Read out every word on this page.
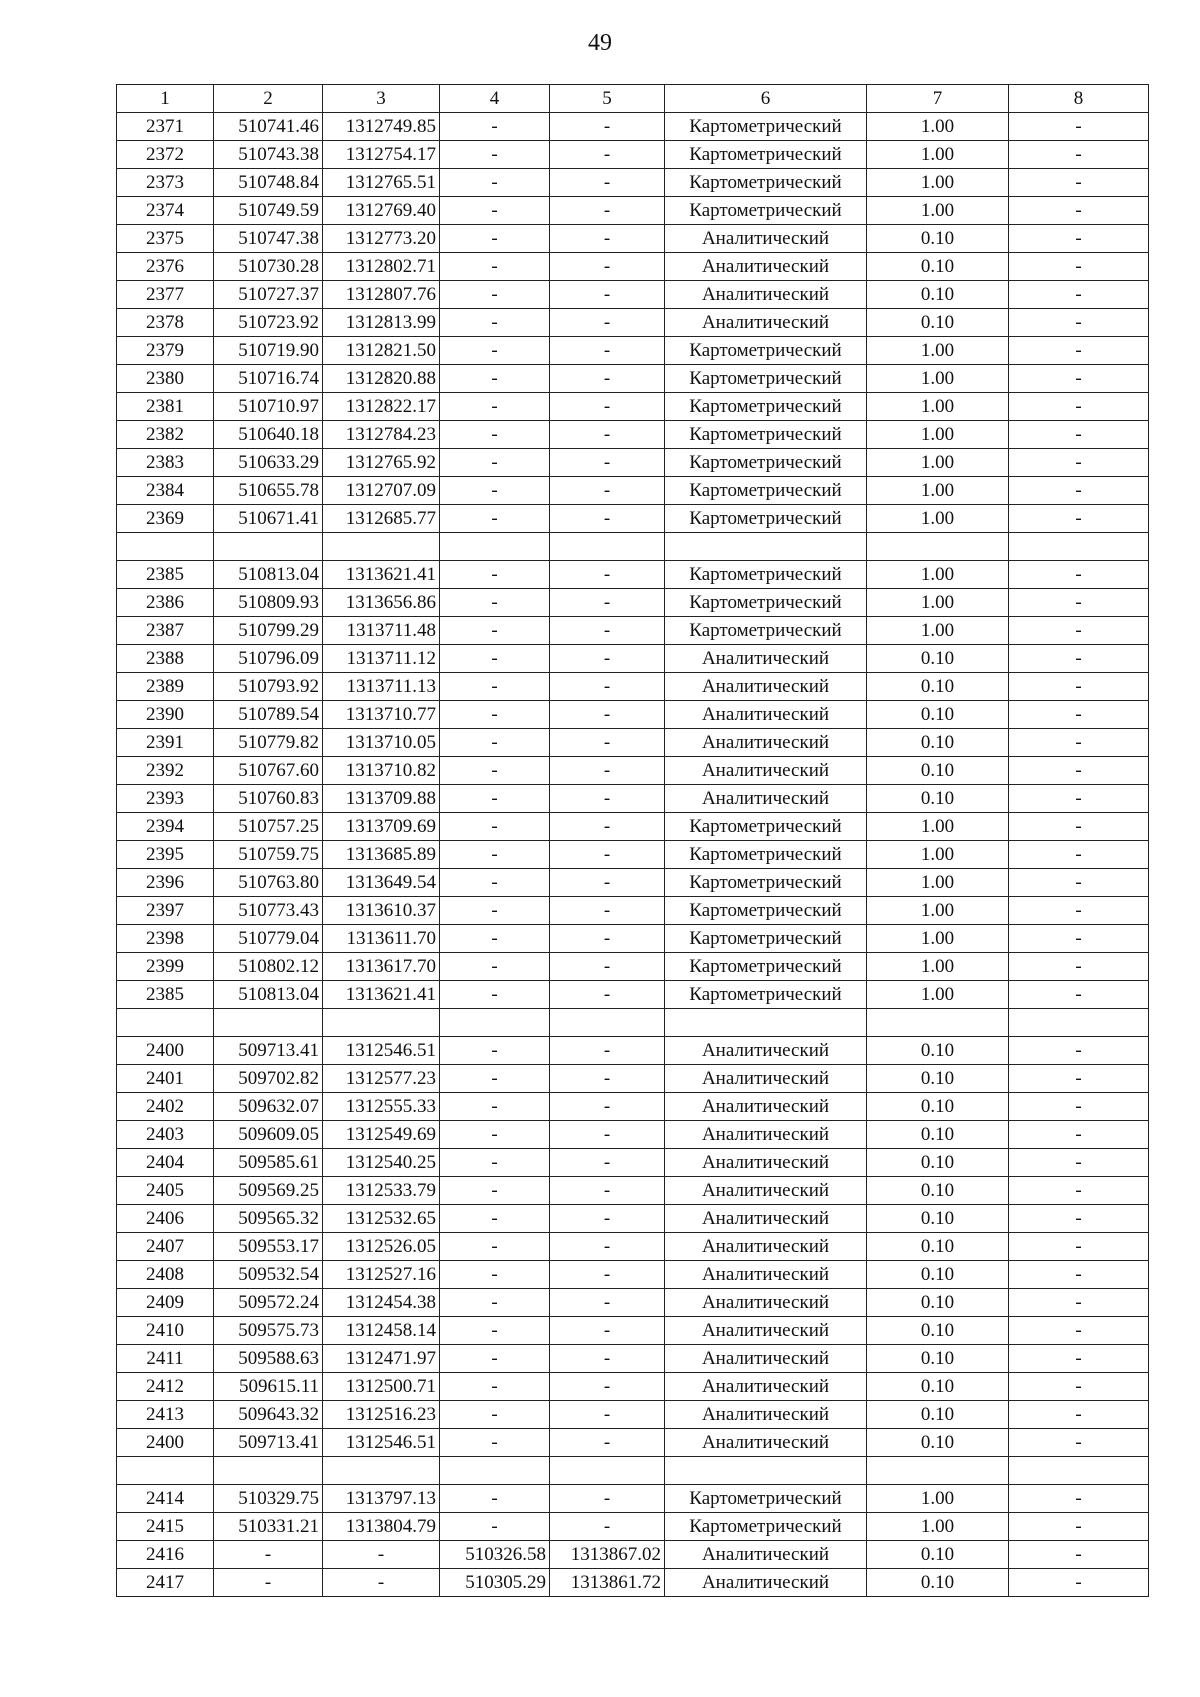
49
1	2	3	4	5	6	7	8
2371	510741.46	1312749.85	-	-	Картометрический	1.00	-
2372	510743.38	1312754.17	-	-	Картометрический	1.00	-
2373	510748.84	1312765.51	-	-	Картометрический	1.00	-
2374	510749.59	1312769.40	-	-	Картометрический	1.00	-
2375	510747.38	1312773.20	-	-	Аналитический	0.10	-
2376	510730.28	1312802.71	-	-	Аналитический	0.10	-
2377	510727.37	1312807.76	-	-	Аналитический	0.10	-
2378	510723.92	1312813.99	-	-	Аналитический	0.10	-
2379	510719.90	1312821.50	-	-	Картометрический	1.00	-
2380	510716.74	1312820.88	-	-	Картометрический	1.00	-
2381	510710.97	1312822.17	-	-	Картометрический	1.00	-
2382	510640.18	1312784.23	-	-	Картометрический	1.00	-
2383	510633.29	1312765.92	-	-	Картометрический	1.00	-
2384	510655.78	1312707.09	-	-	Картометрический	1.00	-
2369	510671.41	1312685.77	-	-	Картометрический	1.00	-

2385	510813.04	1313621.41	-	-	Картометрический	1.00	-
2386	510809.93	1313656.86	-	-	Картометрический	1.00	-
2387	510799.29	1313711.48	-	-	Картометрический	1.00	-
2388	510796.09	1313711.12	-	-	Аналитический	0.10	-
2389	510793.92	1313711.13	-	-	Аналитический	0.10	-
2390	510789.54	1313710.77	-	-	Аналитический	0.10	-
2391	510779.82	1313710.05	-	-	Аналитический	0.10	-
2392	510767.60	1313710.82	-	-	Аналитический	0.10	-
2393	510760.83	1313709.88	-	-	Аналитический	0.10	-
2394	510757.25	1313709.69	-	-	Картометрический	1.00	-
2395	510759.75	1313685.89	-	-	Картометрический	1.00	-
2396	510763.80	1313649.54	-	-	Картометрический	1.00	-
2397	510773.43	1313610.37	-	-	Картометрический	1.00	-
2398	510779.04	1313611.70	-	-	Картометрический	1.00	-
2399	510802.12	1313617.70	-	-	Картометрический	1.00	-
2385	510813.04	1313621.41	-	-	Картометрический	1.00	-

2400	509713.41	1312546.51	-	-	Аналитический	0.10	-
2401	509702.82	1312577.23	-	-	Аналитический	0.10	-
2402	509632.07	1312555.33	-	-	Аналитический	0.10	-
2403	509609.05	1312549.69	-	-	Аналитический	0.10	-
2404	509585.61	1312540.25	-	-	Аналитический	0.10	-
2405	509569.25	1312533.79	-	-	Аналитический	0.10	-
2406	509565.32	1312532.65	-	-	Аналитический	0.10	-
2407	509553.17	1312526.05	-	-	Аналитический	0.10	-
2408	509532.54	1312527.16	-	-	Аналитический	0.10	-
2409	509572.24	1312454.38	-	-	Аналитический	0.10	-
2410	509575.73	1312458.14	-	-	Аналитический	0.10	-
2411	509588.63	1312471.97	-	-	Аналитический	0.10	-
2412	509615.11	1312500.71	-	-	Аналитический	0.10	-
2413	509643.32	1312516.23	-	-	Аналитический	0.10	-
2400	509713.41	1312546.51	-	-	Аналитический	0.10	-

2414	510329.75	1313797.13	-	-	Картометрический	1.00	-
2415	510331.21	1313804.79	-	-	Картометрический	1.00	-
2416	-	-	510326.58	1313867.02	Аналитический	0.10	-
2417	-	-	510305.29	1313861.72	Аналитический	0.10	-
